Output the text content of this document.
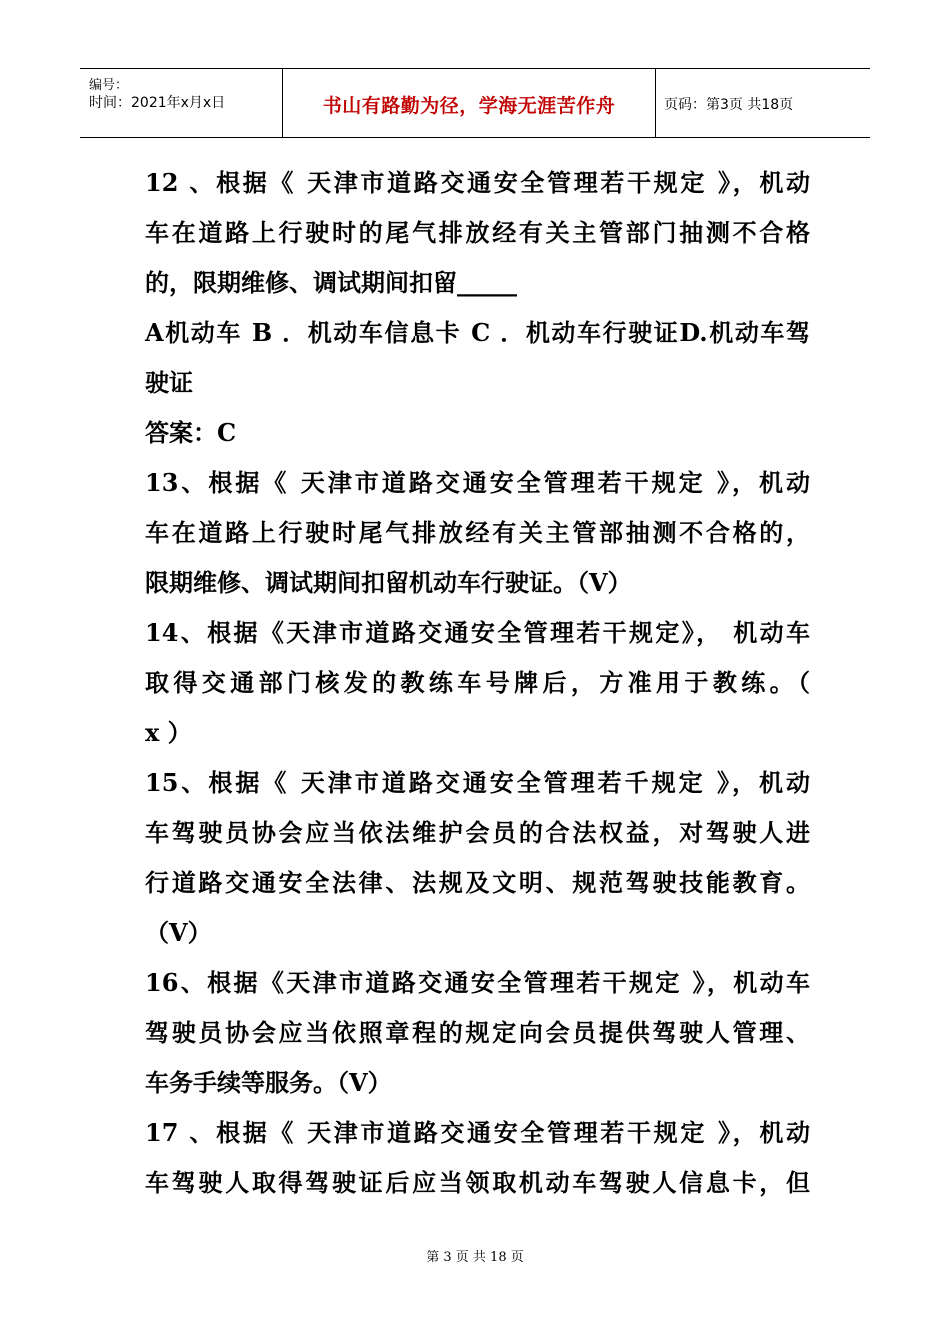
编号：
时间：2021年x月x日	书山有路勤为径，学海无涯苦作舟	页码：第3页 共18页
12 、根据《 天津市道路交通安全管理若干规定 》，机动
车在道路上行驶时的尾气排放经有关主管部门抽测不合格
的，限期维修、调试期间扣留_____
A机动车 B ．机动车信息卡 C ．机动车行驶证D.机动车驾
驶证
答案：C
13、根据《 天津市道路交通安全管理若干规定 》，机动
车在道路上行驶时尾气排放经有关主管部抽测不合格的，
限期维修、调试期间扣留机动车行驶证。（V）
14、根据《天津市道路交通安全管理若干规定》， 机动车
取得交通部门核发的教练车号牌后，方准用于教练。（
x ）
15、根据《 天津市道路交通安全管理若千规定 》，机动
车驾驶员协会应当依法维护会员的合法权益，对驾驶人进
行道路交通安全法律、法规及文明、规范驾驶技能教育。
（V）
16、根据《天津市道路交通安全管理若干规定 》，机动车
驾驶员协会应当依照章程的规定向会员提供驾驶人管理、
车务手续等服务。（V）
17 、根据《 天津市道路交通安全管理若干规定 》，机动
车驾驶人取得驾驶证后应当领取机动车驾驶人信息卡，但
第 3 页 共 18 页
